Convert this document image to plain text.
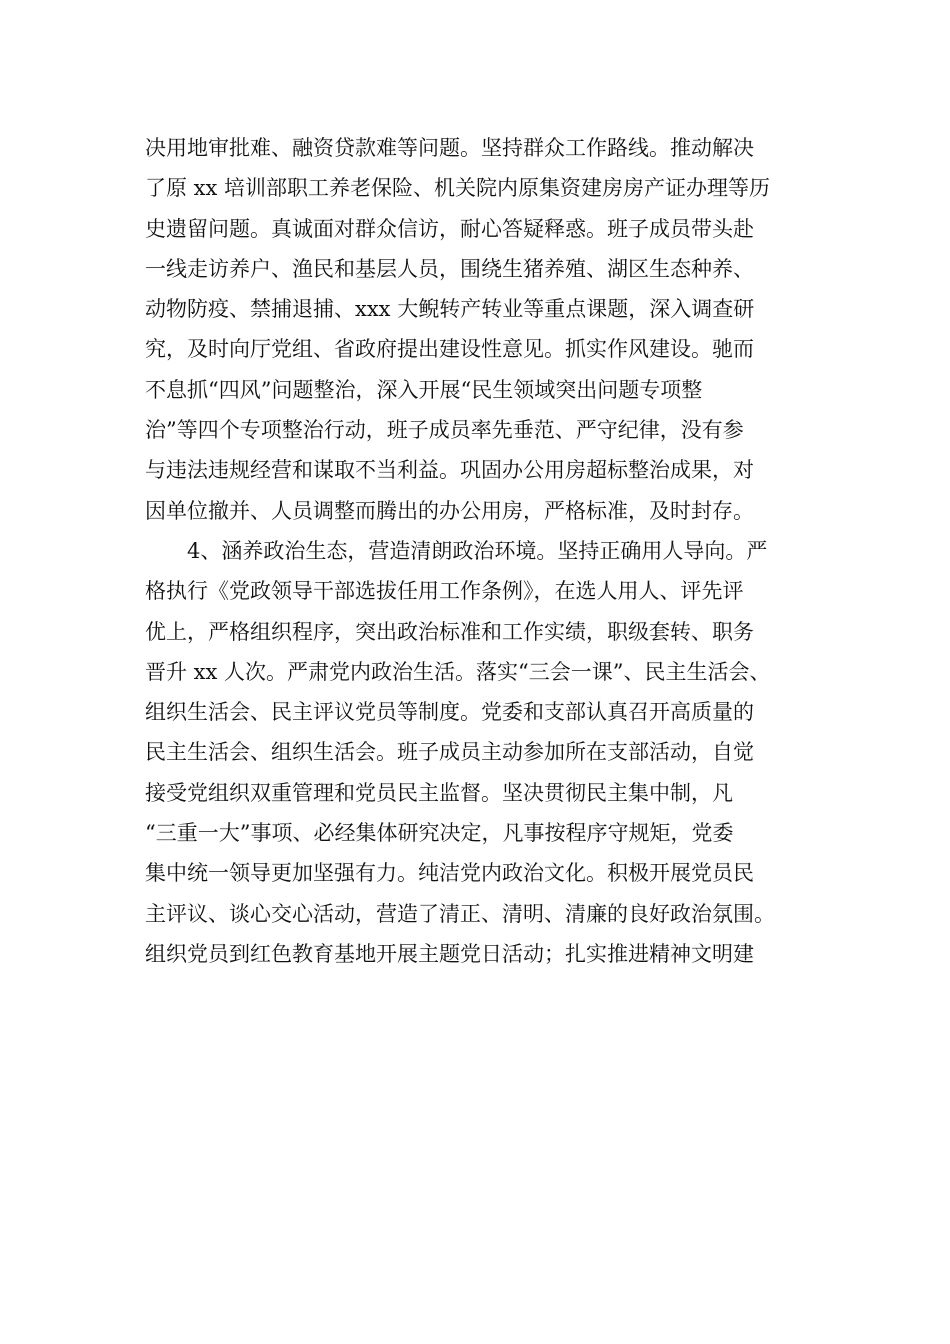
决用地审批难、融资贷款难等问题。坚持群众工作路线。推动解决
了原 xx 培训部职工养老保险、机关院内原集资建房房产证办理等历
史遗留问题。真诚面对群众信访，耐心答疑释惑。班子成员带头赴
一线走访养户、渔民和基层人员，围绕生猪养殖、湖区生态种养、
动物防疫、禁捕退捕、xxx 大鲵转产转业等重点课题，深入调查研
究，及时向厅党组、省政府提出建设性意见。抓实作风建设。驰而
不息抓“四风”问题整治，深入开展“民生领域突出问题专项整
治”等四个专项整治行动，班子成员率先垂范、严守纪律，没有参
与违法违规经营和谋取不当利益。巩固办公用房超标整治成果，对
因单位撤并、人员调整而腾出的办公用房，严格标准，及时封存。
4、涵养政治生态，营造清朗政治环境。坚持正确用人导向。严
格执行《党政领导干部选拔任用工作条例》，在选人用人、评先评
优上，严格组织程序，突出政治标准和工作实绩，职级套转、职务
晋升 xx 人次。严肃党内政治生活。落实“三会一课”、民主生活会、
组织生活会、民主评议党员等制度。党委和支部认真召开高质量的
民主生活会、组织生活会。班子成员主动参加所在支部活动，自觉
接受党组织双重管理和党员民主监督。坚决贯彻民主集中制，凡
“三重一大”事项、必经集体研究决定，凡事按程序守规矩，党委
集中统一领导更加坚强有力。纯洁党内政治文化。积极开展党员民
主评议、谈心交心活动，营造了清正、清明、清廉的良好政治氛围。
组织党员到红色教育基地开展主题党日活动；扎实推进精神文明建
